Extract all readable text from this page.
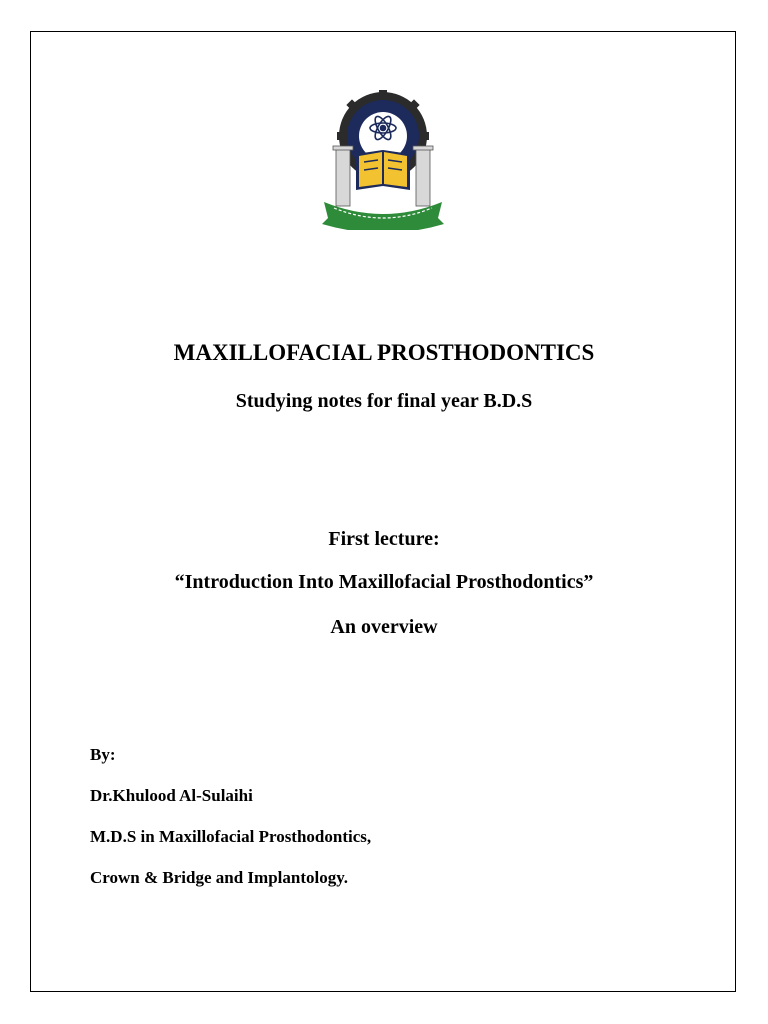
MAXILLOFACIAL PROSTHODONTICS
Studying notes for final year B.D.S
First lecture:
“Introduction Into Maxillofacial Prosthodontics”
An overview
By:
Dr.Khulood Al-Sulaihi
M.D.S in Maxillofacial Prosthodontics,
Crown & Bridge and Implantology.
